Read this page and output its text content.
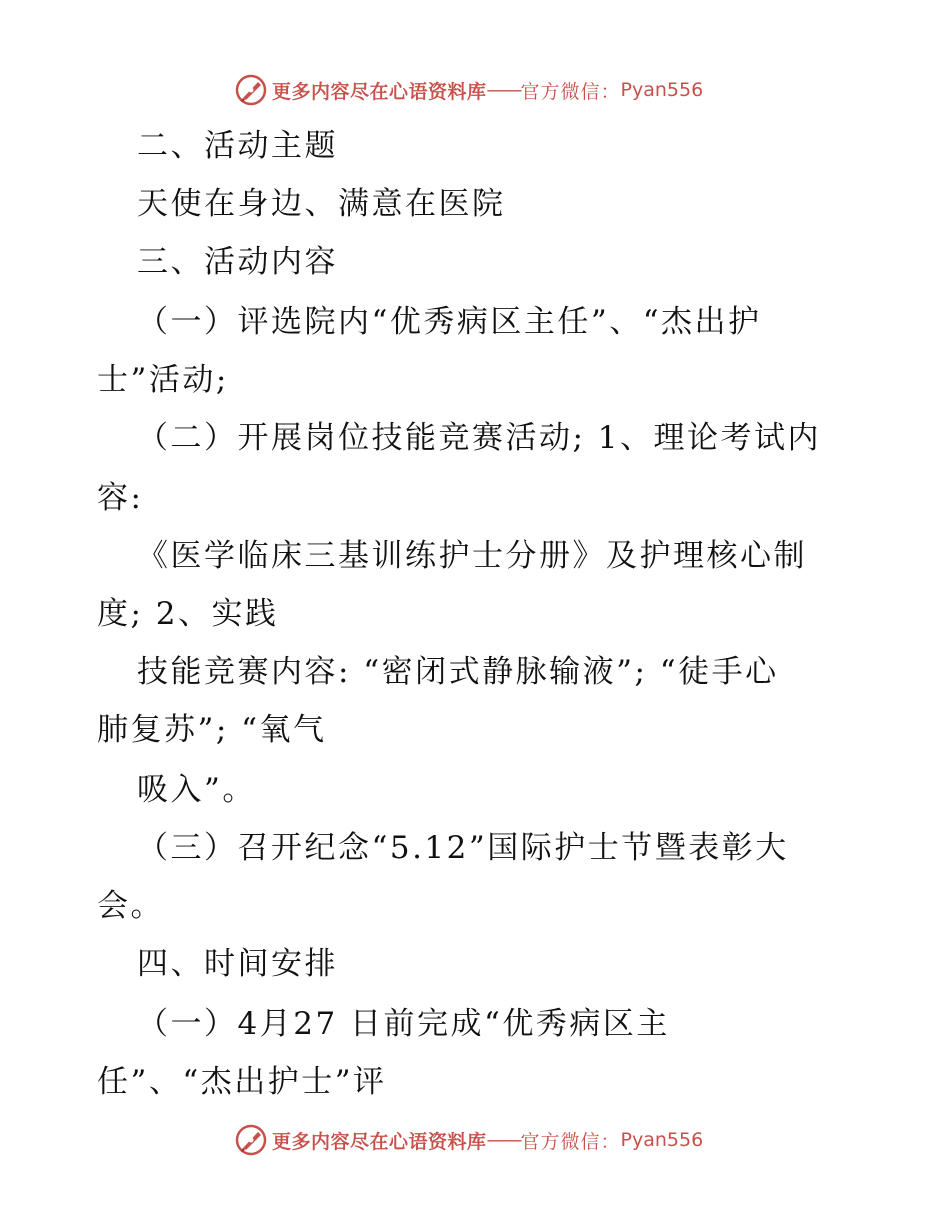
更多内容尽在心语资料库 —— 官方微信： Pyan556

二、活动主题

天使在身边、满意在医院

三、活动内容

（一）评选院内“优秀病区主任”、“杰出护

士”活动;

（二）开展岗位技能竞赛活动; 1、理论考试内

容:

《医学临床三基训练护士分册》及护理核心制

度; 2、实践

技能竞赛内容: “密闭式静脉输液”; “徒手心

肺复苏”; “氧气

吸入”。

（三）召开纪念“5.12”国际护士节暨表彰大

会。

四、时间安排

（一）4月27 日前完成“优秀病区主

任”、“杰出护士”评

更多内容尽在心语资料库 —— 官方微信： Pyan556
